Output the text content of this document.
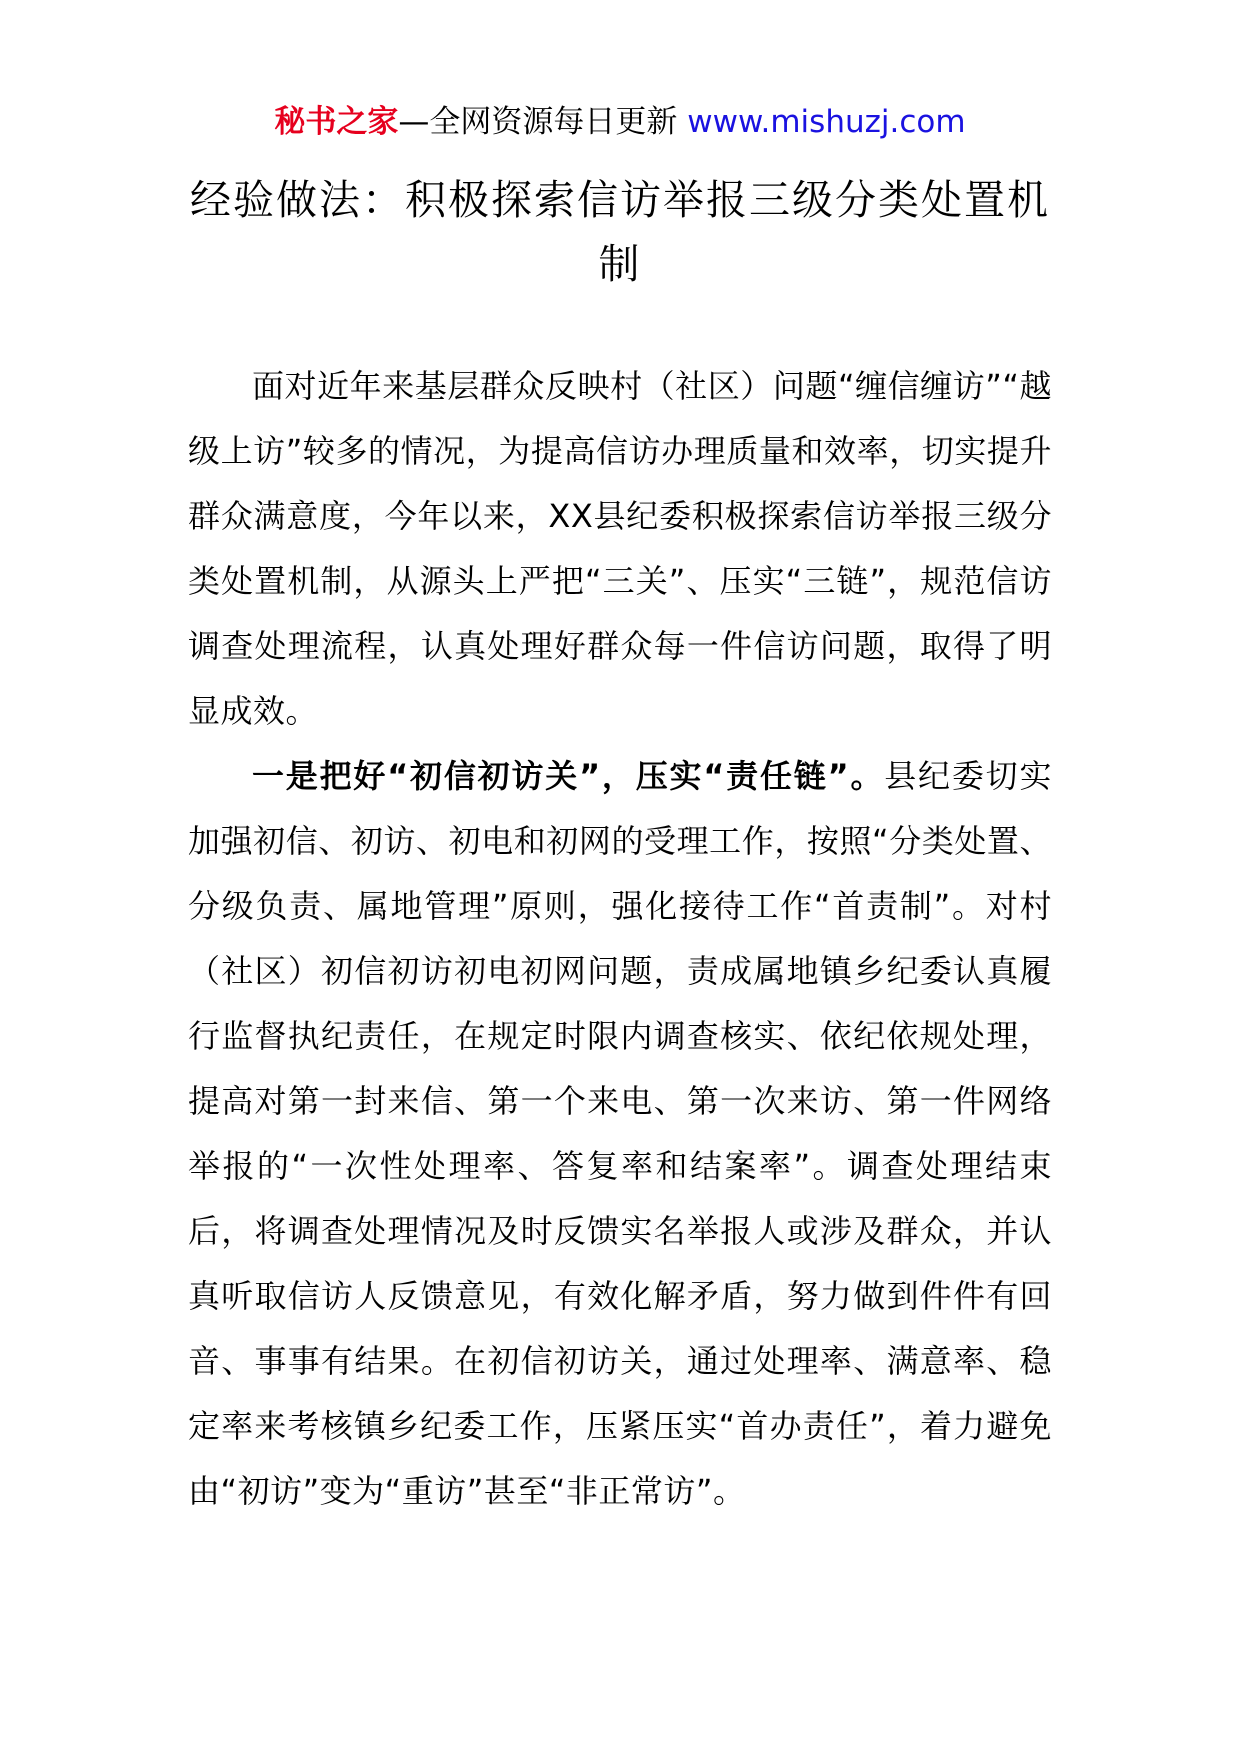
秘书之家—全网资源每日更新 www.mishuzj.com
经验做法：积极探索信访举报三级分类处置机制

面对近年来基层群众反映村（社区）问题“缠信缠访”“越级上访”较多的情况，为提高信访办理质量和效率，切实提升群众满意度，今年以来，XX县纪委积极探索信访举报三级分类处置机制，从源头上严把“三关”、压实“三链”，规范信访调查处理流程，认真处理好群众每一件信访问题，取得了明显成效。

一是把好“初信初访关”，压实“责任链”。县纪委切实加强初信、初访、初电和初网的受理工作，按照“分类处置、分级负责、属地管理”原则，强化接待工作“首责制”。对村（社区）初信初访初电初网问题，责成属地镇乡纪委认真履行监督执纪责任，在规定时限内调查核实、依纪依规处理，提高对第一封来信、第一个来电、第一次来访、第一件网络举报的“一次性处理率、答复率和结案率”。调查处理结束后，将调查处理情况及时反馈实名举报人或涉及群众，并认真听取信访人反馈意见，有效化解矛盾，努力做到件件有回音、事事有结果。在初信初访关，通过处理率、满意率、稳定率来考核镇乡纪委工作，压紧压实“首办责任”，着力避免由“初访”变为“重访”甚至“非正常访”。
